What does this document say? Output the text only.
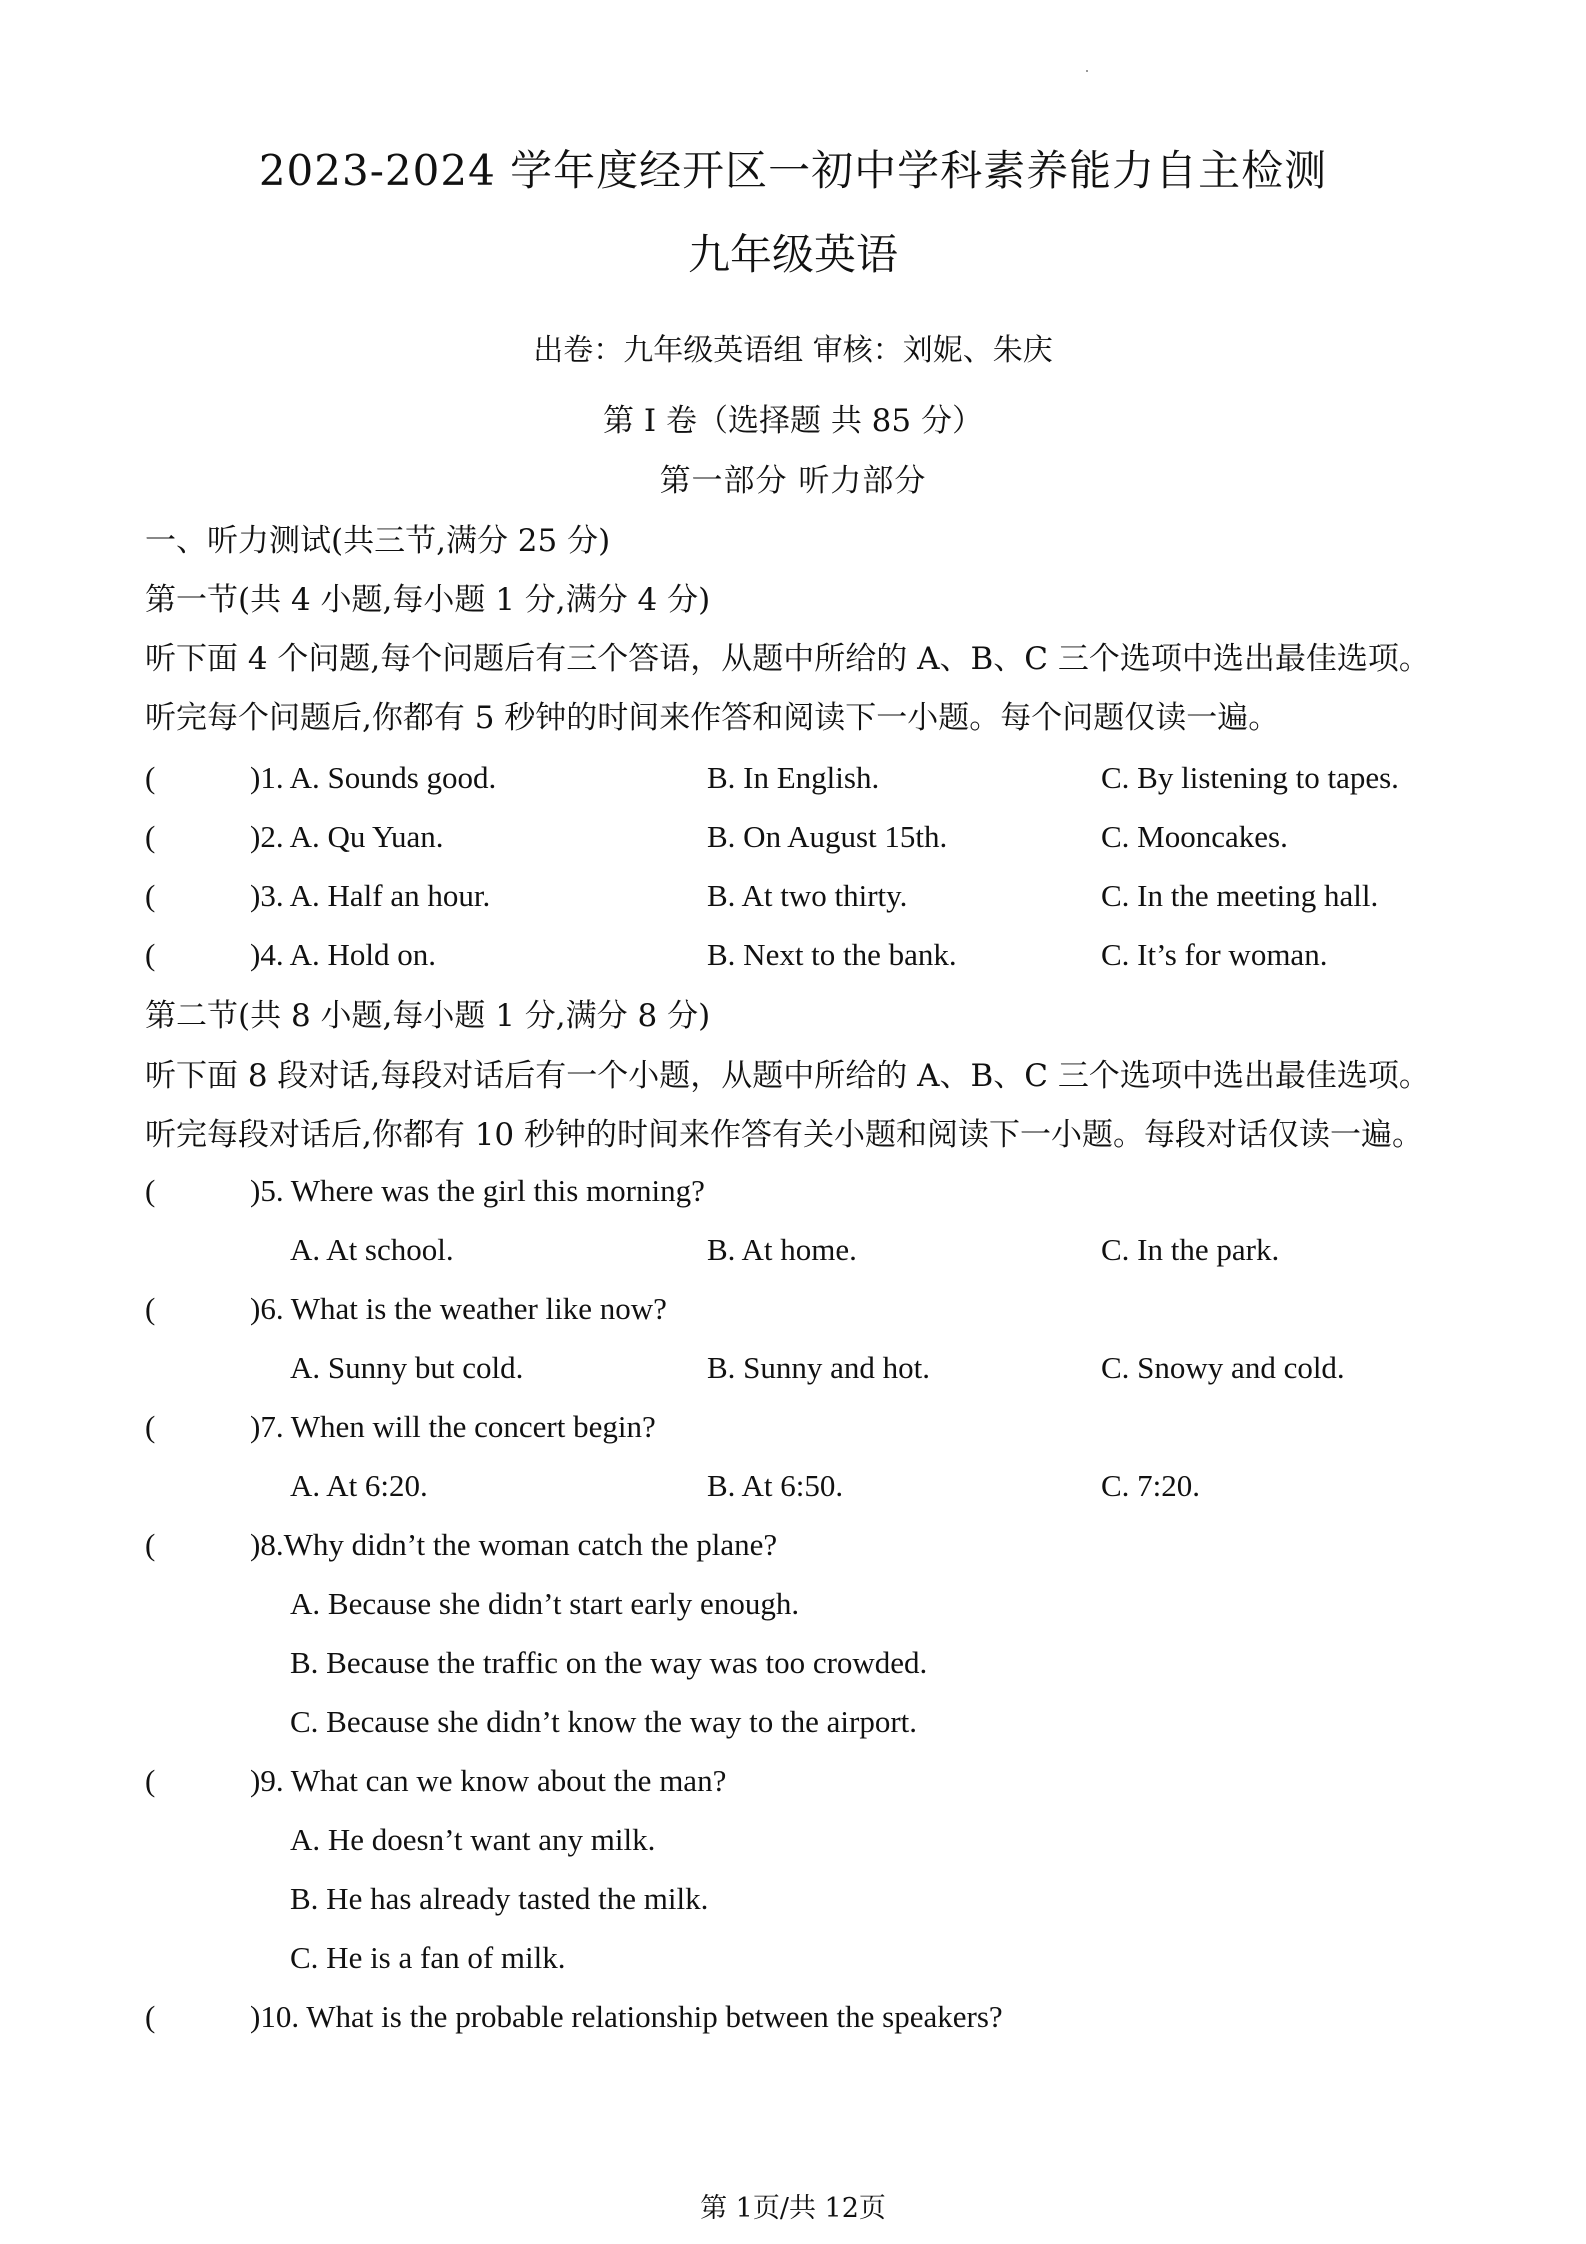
2023-2024 学年度经开区一初中学科素养能力自主检测
九年级英语
出卷：九年级英语组 审核：刘妮、朱庆
第 I 卷（选择题 共 85 分）
第一部分 听力部分
一、听力测试(共三节,满分 25 分)
第一节(共 4 小题,每小题 1 分,满分 4 分)
听下面 4 个问题,每个问题后有三个答语，从题中所给的 A、B、C 三个选项中选出最佳选项。
听完每个问题后,你都有 5 秒钟的时间来作答和阅读下一小题。每个问题仅读一遍。
(	)1. A. Sounds good.	B. In English.	C. By listening to tapes.
(	)2. A. Qu Yuan.	B. On August 15th.	C. Mooncakes.
(	)3. A. Half an hour.	B. At two thirty.	C. In the meeting hall.
(	)4. A. Hold on.	B. Next to the bank.	C. It’s for woman.
第二节(共 8 小题,每小题 1 分,满分 8 分)
听下面 8 段对话,每段对话后有一个小题，从题中所给的 A、B、C 三个选项中选出最佳选项。
听完每段对话后,你都有 10 秒钟的时间来作答有关小题和阅读下一小题。每段对话仅读一遍。
(	)5. Where was the girl this morning?
A. At school.	B. At home.	C. In the park.
(	)6. What is the weather like now?
A. Sunny but cold.	B. Sunny and hot.	C. Snowy and cold.
(	)7. When will the concert begin?
A. At 6:20.	B. At 6:50.	C. 7:20.
(	)8.Why didn’t the woman catch the plane?
A. Because she didn’t start early enough.
B. Because the traffic on the way was too crowded.
C. Because she didn’t know the way to the airport.
(	)9. What can we know about the man?
A. He doesn’t want any milk.
B. He has already tasted the milk.
C. He is a fan of milk.
(	)10. What is the probable relationship between the speakers?
第 1页/共 12页
